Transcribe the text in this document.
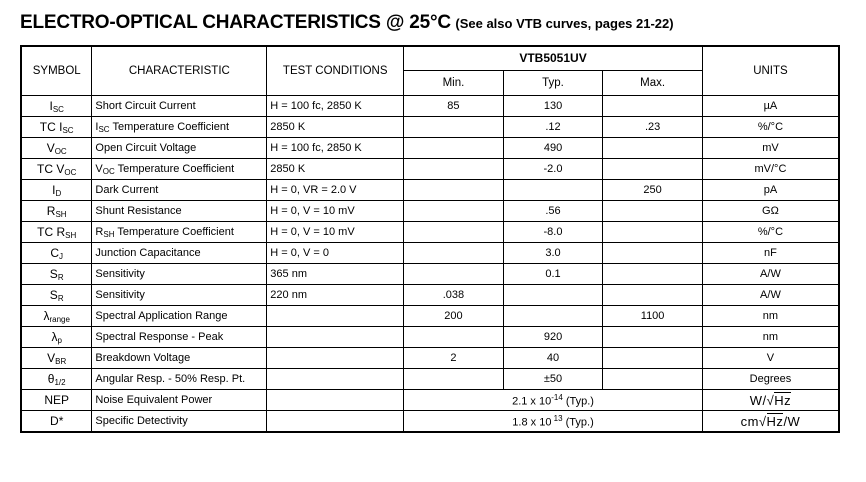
ELECTRO-OPTICAL CHARACTERISTICS @ 25°C (See also VTB curves, pages 21-22)
SYMBOL	CHARACTERISTIC	TEST CONDITIONS	VTB5051UV			UNITS
			Min.	Typ.	Max.	
$I_{SC}$	Short Circuit Current	H = 100 fc, 2850 K	85	130		µA
TC $I_{SC}$	$I_{SC}$ Temperature Coefficient	2850 K		.12	.23	%/°C
$V_{OC}$	Open Circuit Voltage	H = 100 fc, 2850 K		490		mV
TC $V_{OC}$	$V_{OC}$ Temperature Coefficient	2850 K		-2.0		mV/°C
$I_D$	Dark Current	H = 0, VR = 2.0 V			250	pA
$R_{SH}$	Shunt Resistance	H = 0, V = 10 mV		.56		GΩ
TC $R_{SH}$	$R_{SH}$ Temperature Coefficient	H = 0, V = 10 mV		-8.0		%/°C
$C_J$	Junction Capacitance	H = 0, V = 0		3.0		nF
$S_R$	Sensitivity	365 nm		0.1		A/W
$S_R$	Sensitivity	220 nm	.038			A/W
$\lambda_{range}$	Spectral Application Range		200		1100	nm
$\lambda_p$	Spectral Response - Peak			920		nm
$V_{BR}$	Breakdown Voltage		2	40		V
$\theta_{1/2}$	Angular Resp. - 50% Resp. Pt.			±50		Degrees
NEP	Noise Equivalent Power		2.1 x $10^{-14}$ (Typ.)			W/√Hz
D*	Specific Detectivity		1.8 x 10 $^{13}$ (Typ.)			cm√Hz/W
